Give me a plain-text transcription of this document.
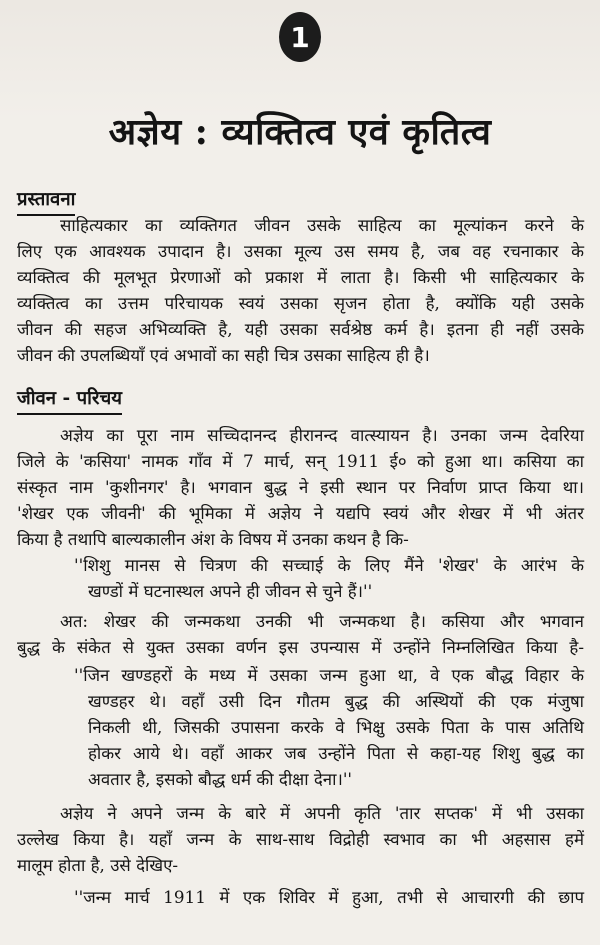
1
अज्ञेय : व्यक्तित्व एवं कृतित्व
प्रस्तावना
साहित्यकार का व्यक्तिगत जीवन उसके साहित्य का मूल्यांकन करने के
लिए एक आवश्यक उपादान है। उसका मूल्य उस समय है, जब वह रचनाकार के
व्यक्तित्व की मूलभूत प्रेरणाओं को प्रकाश में लाता है। किसी भी साहित्यकार के
व्यक्तित्व का उत्तम परिचायक स्वयं उसका सृजन होता है, क्योंकि यही उसके
जीवन की सहज अभिव्यक्ति है, यही उसका सर्वश्रेष्ठ कर्म है। इतना ही नहीं उसके
जीवन की उपलब्धियाँ एवं अभावों का सही चित्र उसका साहित्य ही है।
जीवन - परिचय
अज्ञेय का पूरा नाम सच्चिदानन्द हीरानन्द वात्स्यायन है। उनका जन्म देवरिया
जिले के 'कसिया' नामक गाँव में 7 मार्च, सन् 1911 ई० को हुआ था। कसिया का
संस्कृत नाम 'कुशीनगर' है। भगवान बुद्ध ने इसी स्थान पर निर्वाण प्राप्त किया था।
'शेखर एक जीवनी' की भूमिका में अज्ञेय ने यद्यपि स्वयं और शेखर में भी अंतर
किया है तथापि बाल्यकालीन अंश के विषय में उनका कथन है कि-
''शिशु मानस से चित्रण की सच्चाई के लिए मैंने 'शेखर' के आरंभ के
खण्डों में घटनास्थल अपने ही जीवन से चुने हैं।''
अत: शेखर की जन्मकथा उनकी भी जन्मकथा है। कसिया और भगवान
बुद्ध के संकेत से युक्त उसका वर्णन इस उपन्यास में उन्होंने निम्नलिखित किया है-
''जिन खण्डहरों के मध्य में उसका जन्म हुआ था, वे एक बौद्ध विहार के
खण्डहर थे। वहाँ उसी दिन गौतम बुद्ध की अस्थियों की एक मंजुषा
निकली थी, जिसकी उपासना करके वे भिक्षु उसके पिता के पास अतिथि
होकर आये थे। वहाँ आकर जब उन्होंने पिता से कहा-यह शिशु बुद्ध का
अवतार है, इसको बौद्ध धर्म की दीक्षा देना।''
अज्ञेय ने अपने जन्म के बारे में अपनी कृति 'तार सप्तक' में भी उसका
उल्लेख किया है। यहाँ जन्म के साथ-साथ विद्रोही स्वभाव का भी अहसास हमें
मालूम होता है, उसे देखिए-
''जन्म मार्च 1911 में एक शिविर में हुआ, तभी से आचारगी की छाप
